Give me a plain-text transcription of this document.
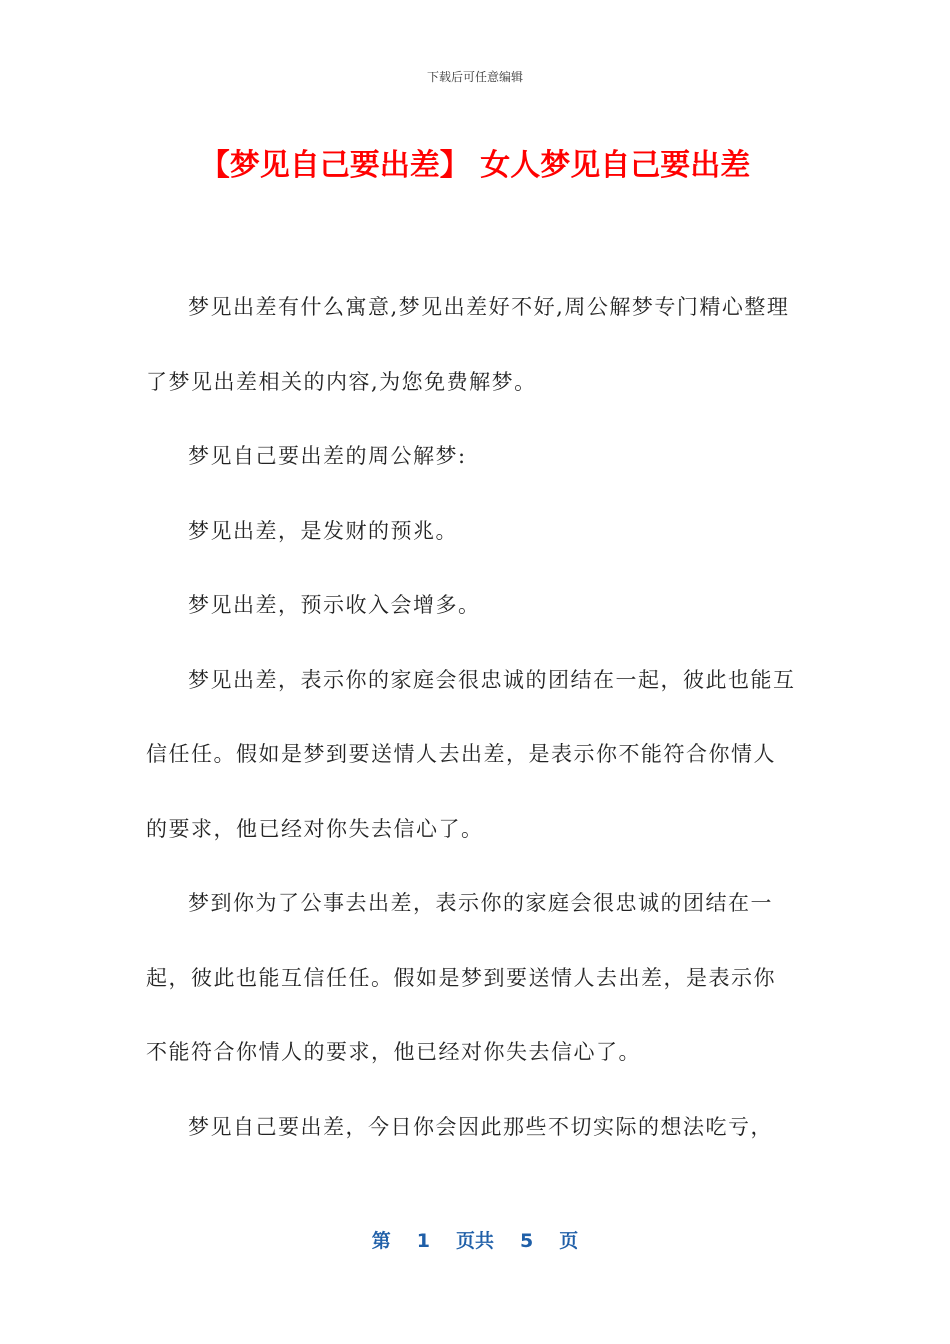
下载后可任意编辑
【梦见自己要出差】 女人梦见自己要出差

梦见出差有什么寓意,梦见出差好不好,周公解梦专门精心整理了梦见出差相关的内容,为您免费解梦。

梦见自己要出差的周公解梦:

梦见出差，是发财的预兆。

梦见出差，预示收入会增多。

梦见出差，表示你的家庭会很忠诚的团结在一起，彼此也能互信任任。假如是梦到要送情人去出差，是表示你不能符合你情人的要求，他已经对你失去信心了。

梦到你为了公事去出差，表示你的家庭会很忠诚的团结在一起，彼此也能互信任任。假如是梦到要送情人去出差，是表示你不能符合你情人的要求，他已经对你失去信心了。

梦见自己要出差，今日你会因此那些不切实际的想法吃亏，

第 1 页共 5 页
